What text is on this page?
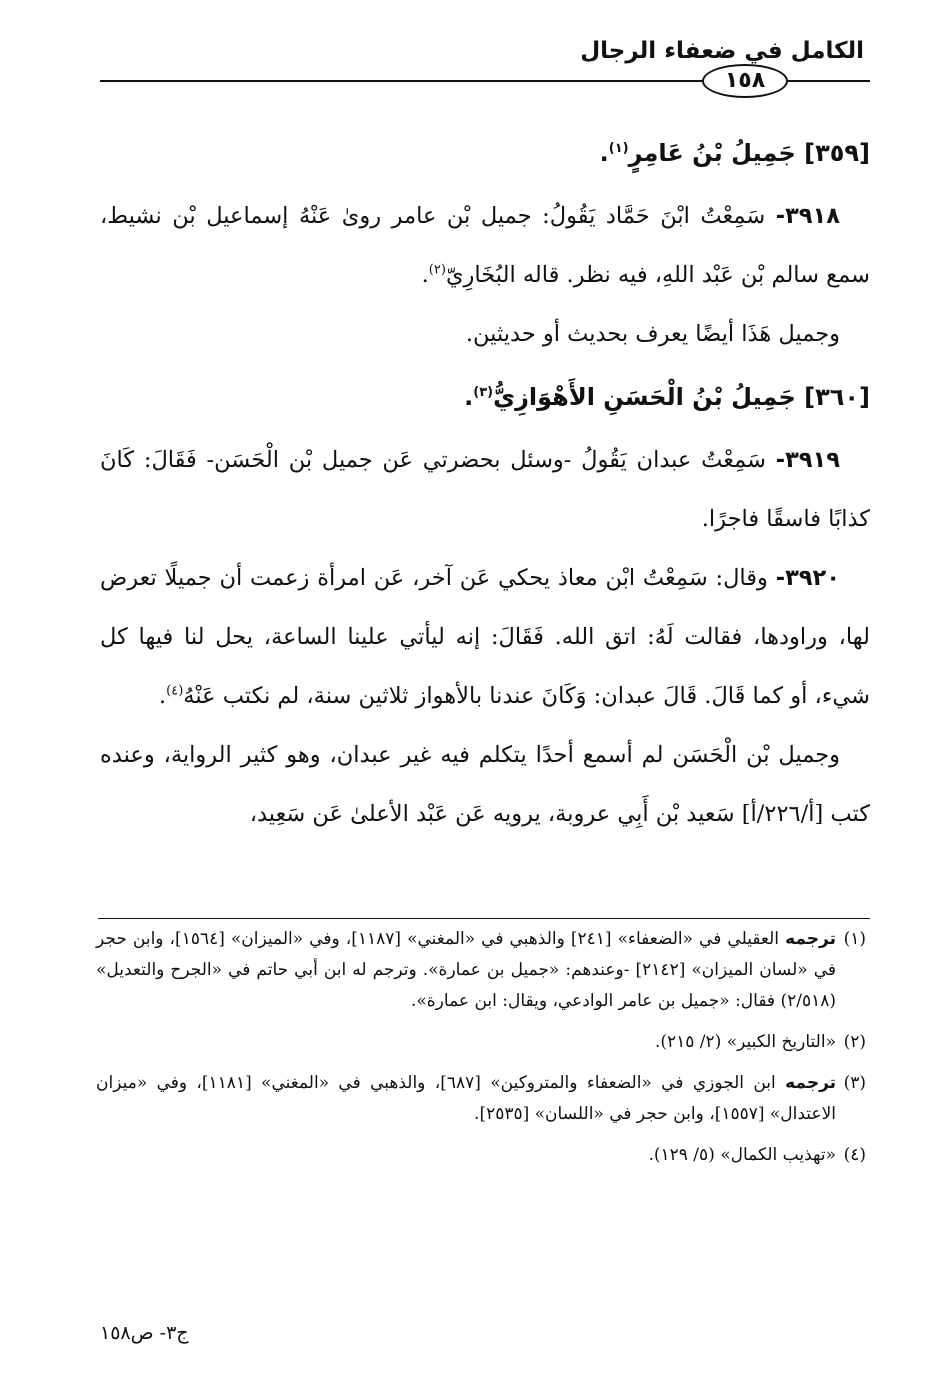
الكامل في ضعفاء الرجال
١٥٨

[٣٥٩] جَمِيلُ بْنُ عَامِرٍ$^{(١)}$.

٣٩١٨- سَمِعْتُ ابْنَ حَمَّاد يَقُولُ: جميل بْن عامر روىٰ عَنْهُ إسماعيل بْن نشيط، سمع سالم بْن عَبْد اللهِ، فيه نظر. قاله البُخَارِيّ$^{(٢)}$.

وجميل هَذَا أيضًا يعرف بحديث أو حديثين.

[٣٦٠] جَمِيلُ بْنُ الْحَسَنِ الأَهْوَازِيُّ$^{(٣)}$.

٣٩١٩- سَمِعْتُ عبدان يَقُولُ -وسئل بحضرتي عَن جميل بْن الْحَسَن- فَقَالَ: كَانَ كذابًا فاسقًا فاجرًا.

٣٩٢٠- وقال: سَمِعْتُ ابْن معاذ يحكي عَن آخر، عَن امرأة زعمت أن جميلًا تعرض لها، وراودها، فقالت لَهُ: اتق الله. فَقَالَ: إنه ليأتي علينا الساعة، يحل لنا فيها كل شيء، أو كما قَالَ. قَالَ عبدان: وَكَانَ عندنا بالأهواز ثلاثين سنة، لم نكتب عَنْهُ$^{(٤)}$.

وجميل بْن الْحَسَن لم أسمع أحدًا يتكلم فيه غير عبدان، وهو كثير الرواية، وعنده كتب [أ/٢٢٦/أ] سَعيد بْن أَبِي عروبة، يرويه عَن عَبْد الأعلىٰ عَن سَعِيد،

(١)
ترجمه العقيلي في «الضعفاء» [٢٤١] والذهبي في «المغني» [١١٨٧]، وفي «الميزان» [١٥٦٤]، وابن حجر في «لسان الميزان» [٢١٤٢] -وعندهم: «جميل بن عمارة». وترجم له ابن أبي حاتم في «الجرح والتعديل» (٢/٥١٨) فقال: «جميل بن عامر الوادعي، ويقال: ابن عمارة».
(٢)
«التاريخ الكبير» (٢/ ٢١٥).
(٣)
ترجمه ابن الجوزي في «الضعفاء والمتروكين» [٦٨٧]، والذهبي في «المغني» [١١٨١]، وفي «ميزان الاعتدال» [١٥٥٧]، وابن حجر في «اللسان» [٢٥٣٥].
(٤)
«تهذيب الكمال» (٥/ ١٢٩).
ج٣- ص١٥٨
